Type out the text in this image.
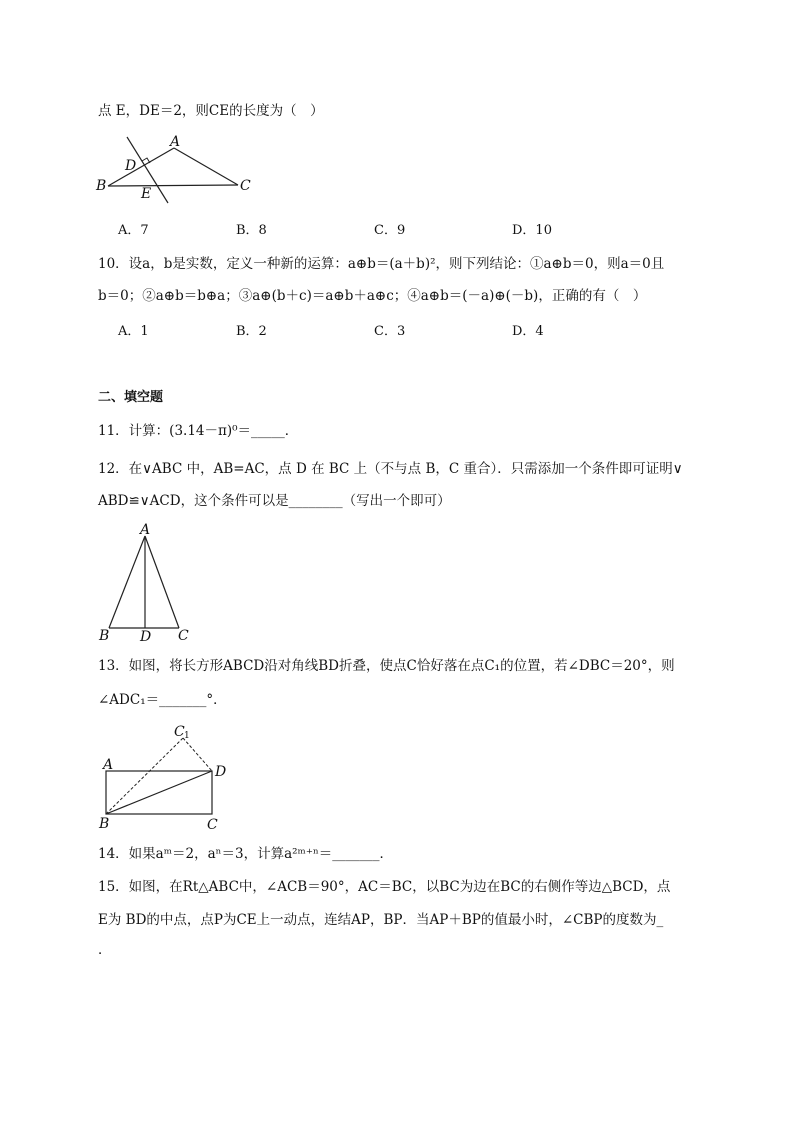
点 E，DE＝2，则CE的长度为（　）
A
B	C
D
E
A．7	B．8	C．9	D．10
10．设a，b是实数，定义一种新的运算：a⊕b＝(a＋b)²，则下列结论：①a⊕b＝0，则a＝0且
b＝0；②a⊕b＝b⊕a；③a⊕(b＋c)＝a⊕b＋a⊕c；④a⊕b＝(－a)⊕(－b)，正确的有（　）
A．1	B．2	C．3	D．4
二、填空题
11．计算：(3.14－π)⁰＝_____．
12．在∨ABC 中，AB=AC，点 D 在 BC 上（不与点 B，C 重合）．只需添加一个条件即可证明∨
ABD≌∨ACD，这个条件可以是________（写出一个即可）
A
B D C
13．如图，将长方形ABCD沿对角线BD折叠，使点C恰好落在点C₁的位置，若∠DBC＝20°，则
∠ADC₁＝_______°．
A	D
B	C
C 1
14．如果aᵐ＝2，aⁿ＝3，计算a²ᵐ⁺ⁿ＝_______．
15．如图，在Rt△ABC中，∠ACB＝90°，AC＝BC，以BC为边在BC的右侧作等边△BCD，点
E为 BD的中点，点P为CE上一动点，连结AP，BP．当AP＋BP的值最小时，∠CBP的度数为_
．
